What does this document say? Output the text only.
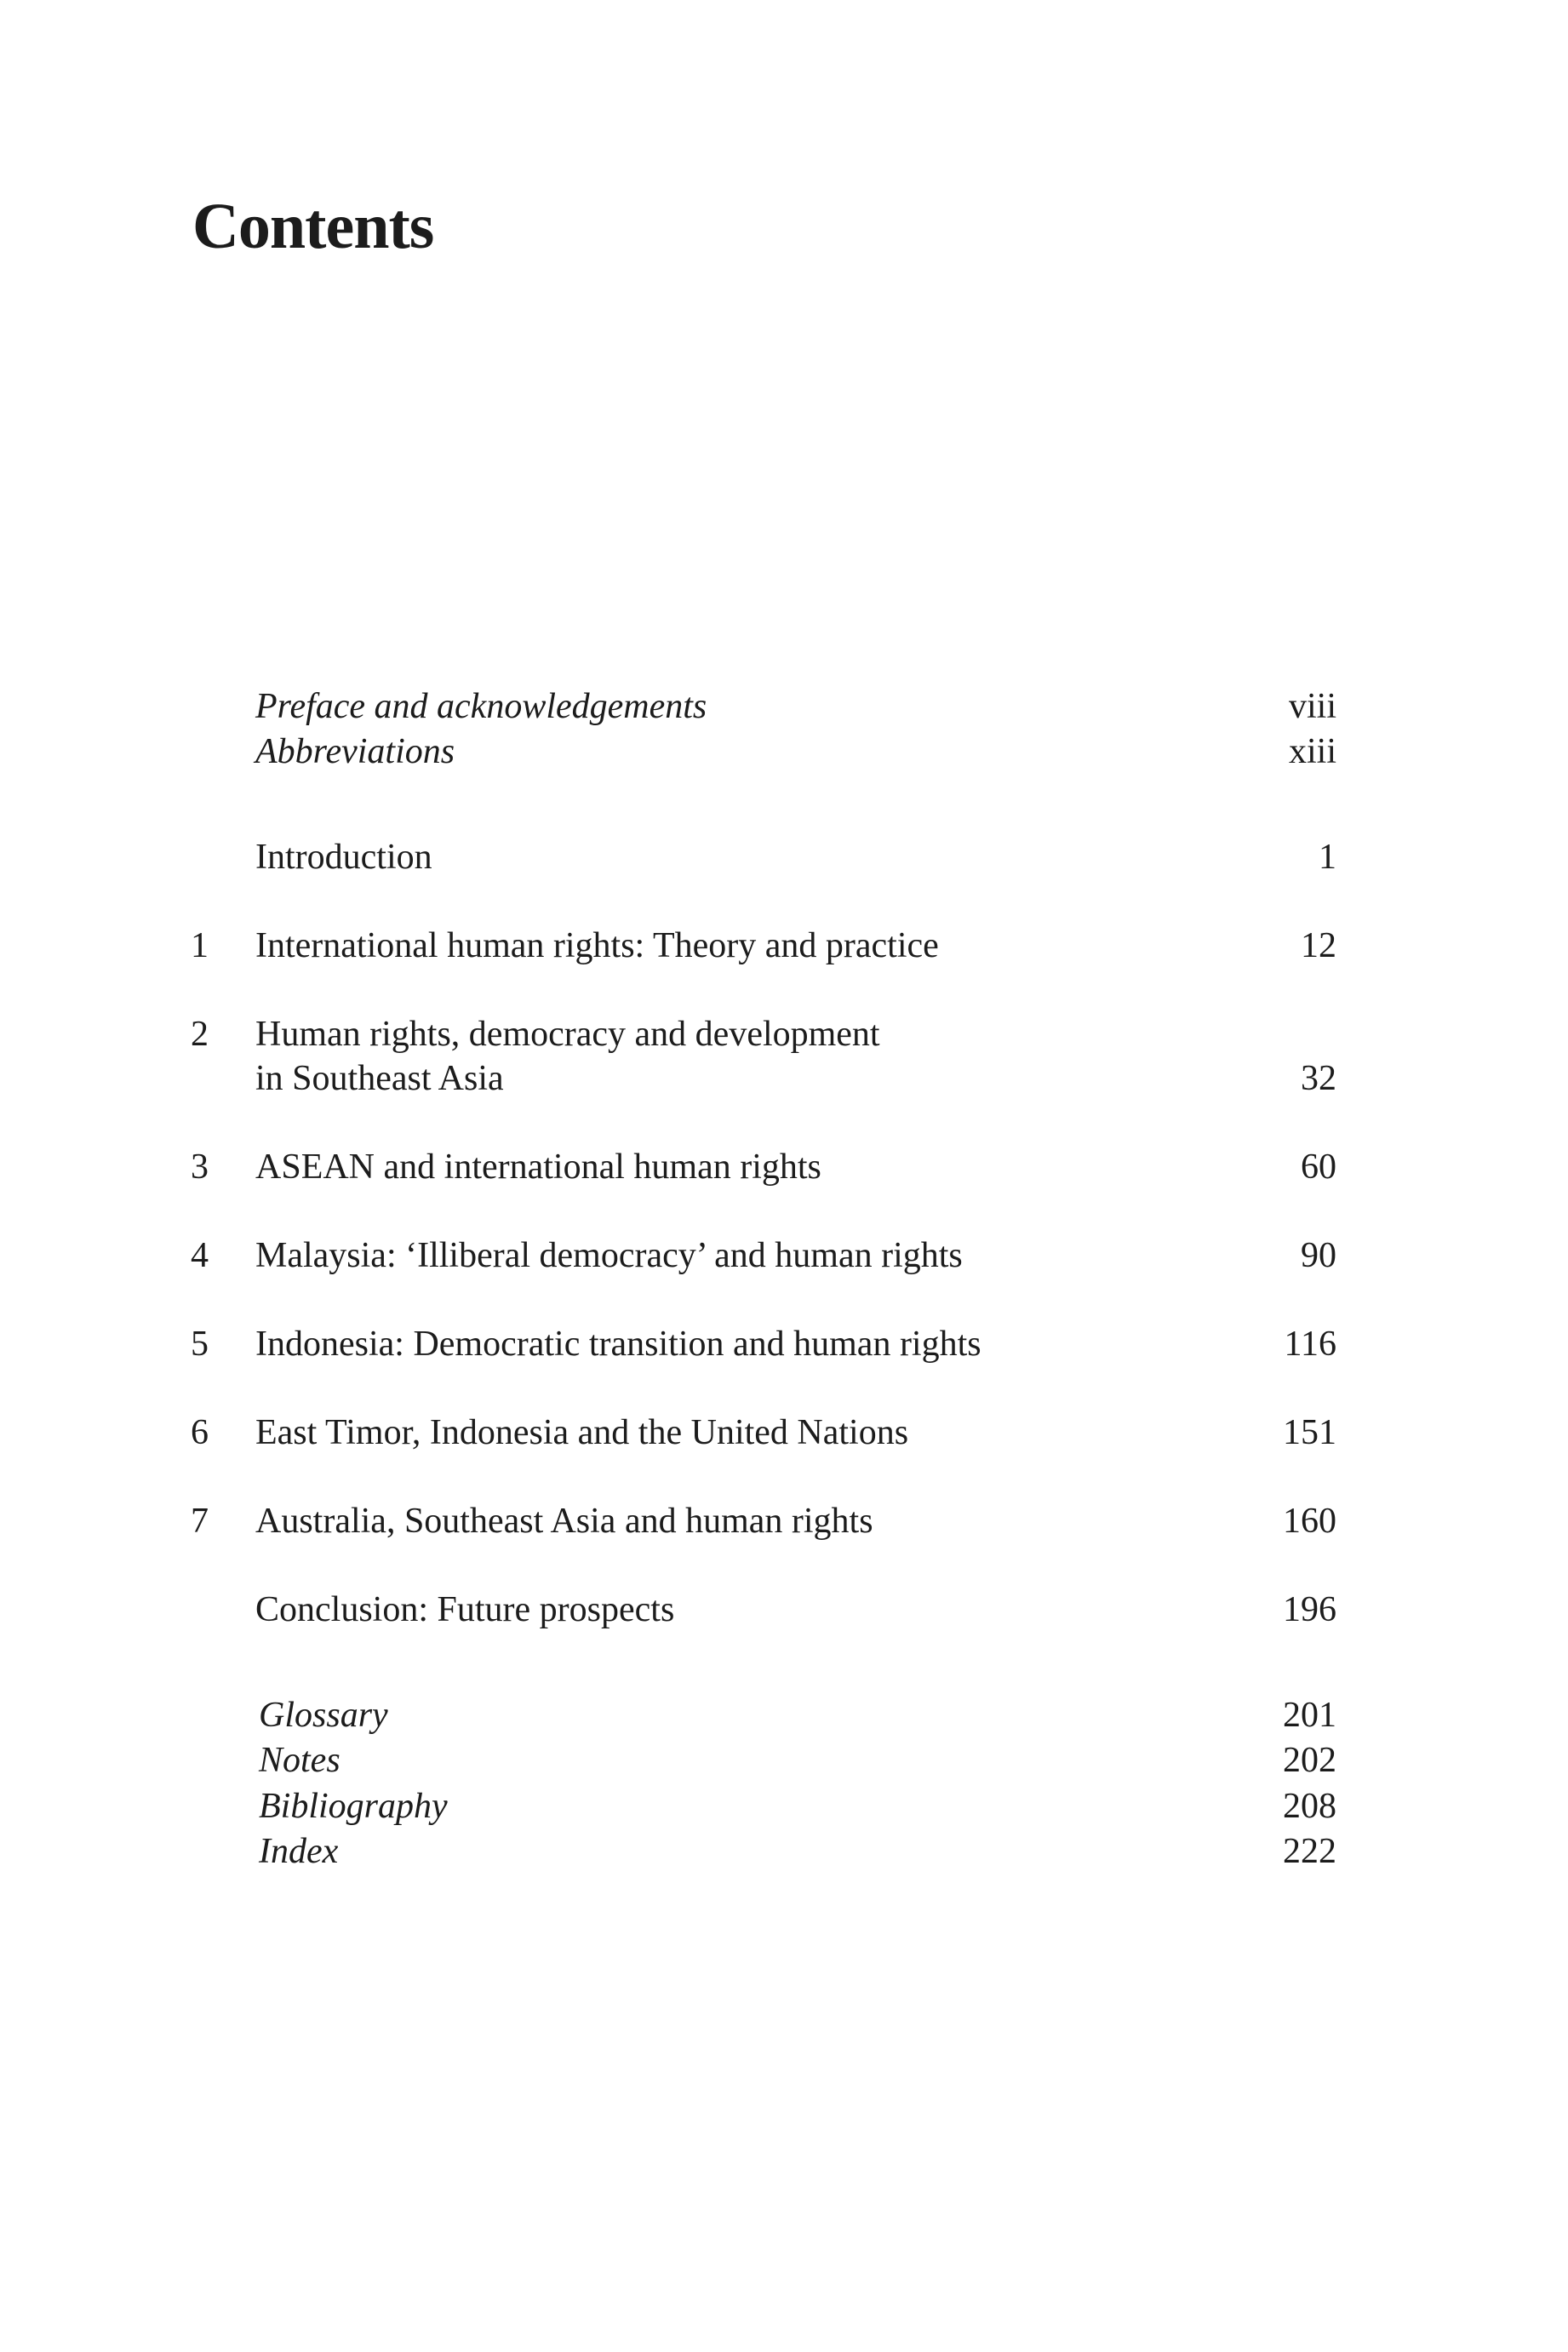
Contents
Preface and acknowledgements	viii
Abbreviations	xiii
Introduction	1
1 International human rights: Theory and practice	12
2 Human rights, democracy and development
in Southeast Asia	32
3 ASEAN and international human rights	60
4 Malaysia: ‘Illiberal democracy’ and human rights	90
5 Indonesia: Democratic transition and human rights	116
6 East Timor, Indonesia and the United Nations	151
7 Australia, Southeast Asia and human rights	160
Conclusion: Future prospects	196
Glossary	201
Notes	202
Bibliography	208
Index	222
